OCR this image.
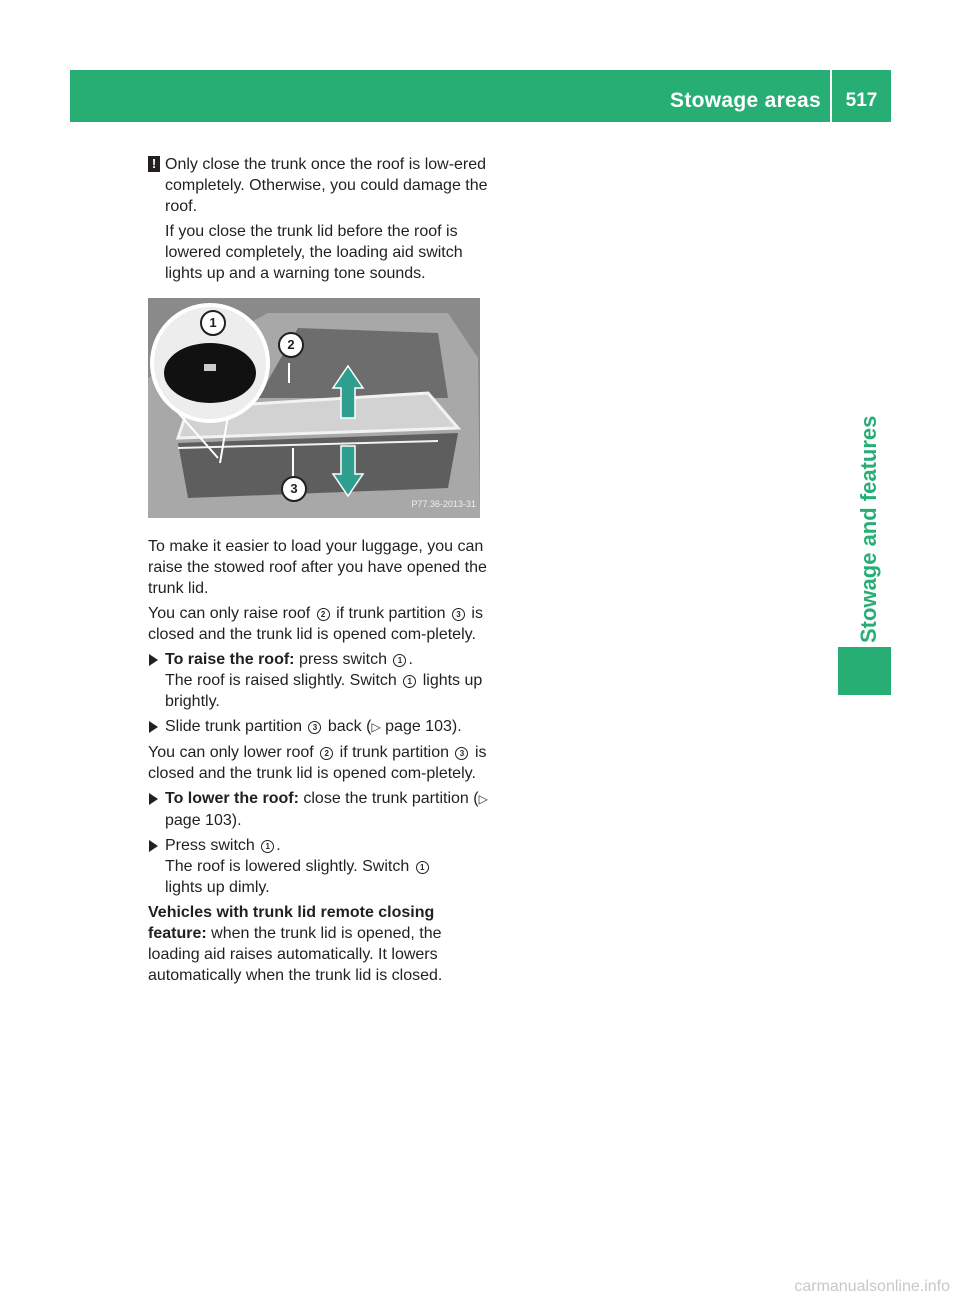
Stowage areas	517
Stowage and features
! Only close the trunk once the roof is low-ered completely. Otherwise, you could damage the roof.

If you close the trunk lid before the roof is lowered completely, the loading aid switch lights up and a warning tone sounds.

1
2
3
P77.36-2013-31

To make it easier to load your luggage, you can raise the stowed roof after you have opened the trunk lid.

You can only raise roof 2 if trunk partition 3 is closed and the trunk lid is opened com-pletely.

To raise the roof: press switch 1 .
The roof is raised slightly. Switch 1 lights up brightly.

Slide trunk partition 3 back (▷ page 103).

You can only lower roof 2 if trunk partition 3 is closed and the trunk lid is opened com-pletely.

To lower the roof: close the trunk partition (▷ page 103).

Press switch 1 .
The roof is lowered slightly. Switch 1
lights up dimly.

Vehicles with trunk lid remote closing feature: when the trunk lid is opened, the loading aid raises automatically. It lowers automatically when the trunk lid is closed.

carmanualsonline.info
